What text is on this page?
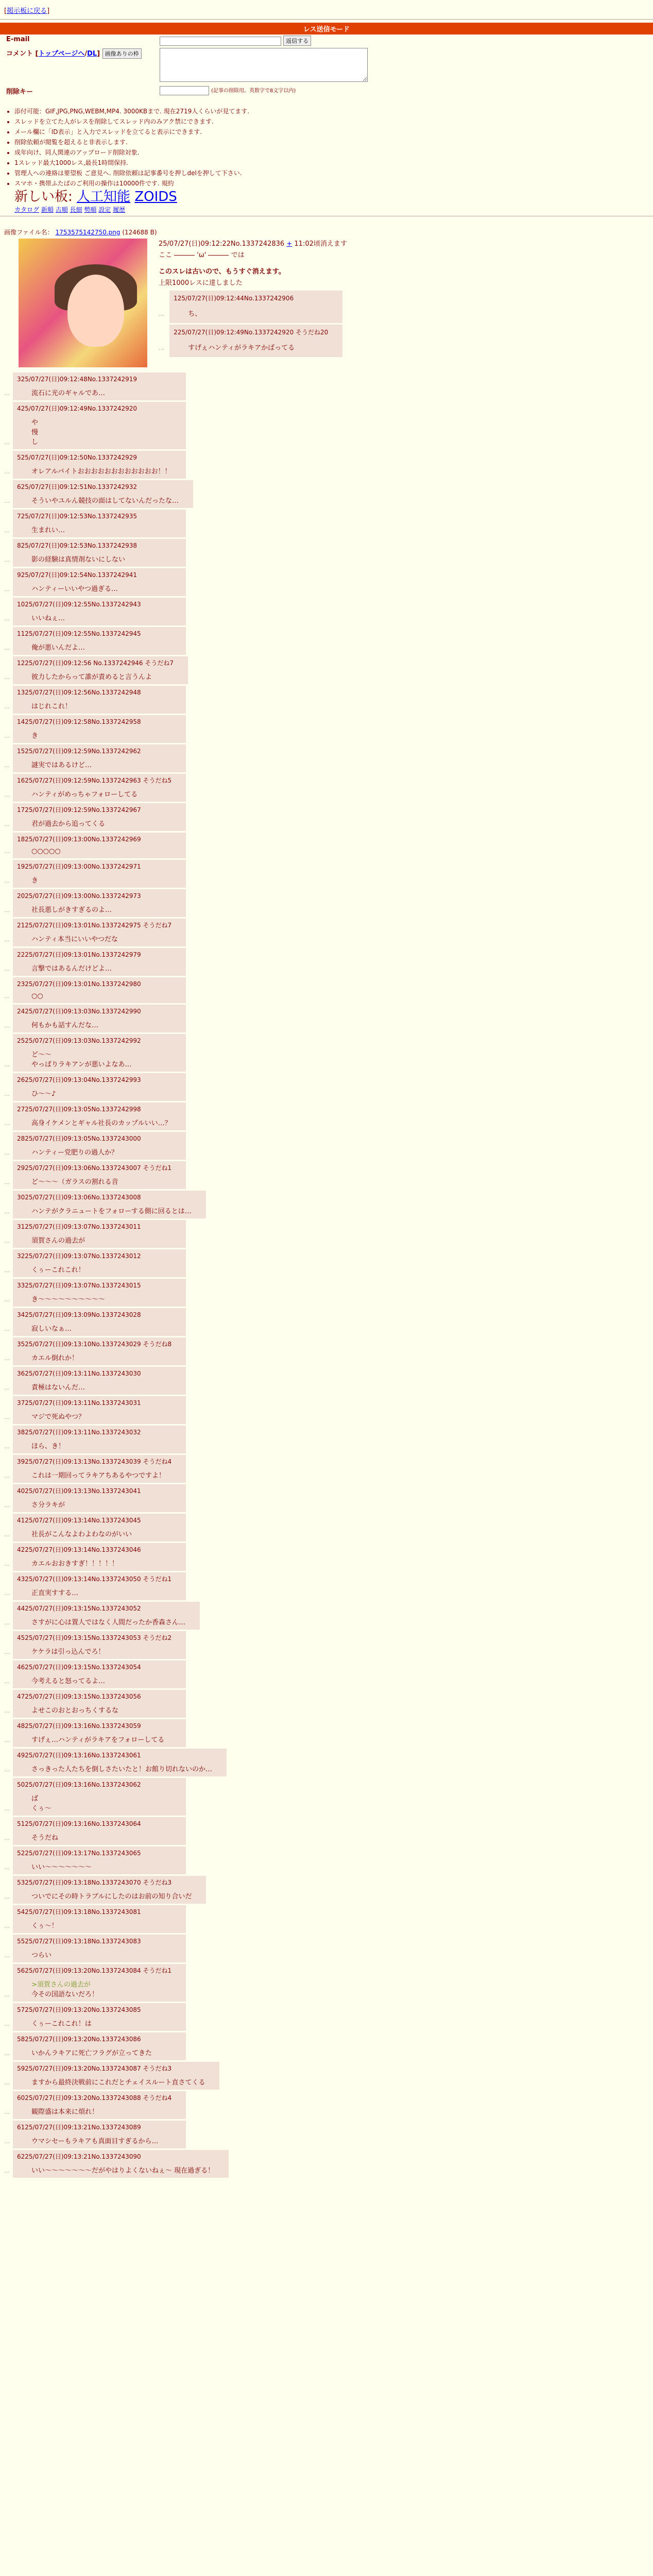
[掲示板に戻る]
レス送信モード
E-mail	返信する
コメント [トップページへ/DL] 画像ありの枠	
削除キー	(記事の削除用。英数字で8文字以内)
• 添付可能：GIF,JPG,PNG,WEBM,MP4. 3000KBまで. 現在2719人くらいが見てます.
• スレッドを立てた人がレスを削除してスレッド内のみアク禁にできます.
• メール欄に「ID表示」と入力でスレッドを立てると表示にできます.
• 削除依頼が閲覧を超えると非表示します.
• 成年向け、同人関連のアップロード削除対象.
• 1スレッド最大1000レス,最長1時間保持.
• 管理人への連絡は要望板 ご意見へ. 削除依頼は記事番号を押しdelを押して下さい.
• スマホ・携帯ふたばのご利用の操作は10000件です. 規約
新しい板: 人工知能 ZOIDS
カタログ 新順 古順 長細 勢順 設定 履歴
画像ファイル名： 1753575142750.png (124688 B)
25/07/27(日)09:12:22No.1337242836 + 11:02頃消えます
ここ	'ω'	では
このスレは古いので、もうすぐ消えます。
上限1000レスに達しました
… 125/07/27(日)09:12:44No.1337242906
ち、
… 225/07/27(日)09:12:49No.1337242920 そうだね20
すげぇハンティがラキアかばってる
…325/07/27(日)09:12:48No.1337242919
流石に光のギャルであ…
…425/07/27(日)09:12:49No.1337242920
や
慢
し
…525/07/27(日)09:12:50No.1337242929
オレアルバイトおおおおおおおおおおおお！！
…625/07/27(日)09:12:51No.1337242932
そういやユルん競技の面はしてないんだったな…
…725/07/27(日)09:12:53No.1337242935
生まれい…
…825/07/27(日)09:12:53No.1337242938
影の経験は真情剤ないにしない
…925/07/27(日)09:12:54No.1337242941
ハンティーいいやつ過ぎる…
…1025/07/27(日)09:12:55No.1337242943
いいねぇ…
…1125/07/27(日)09:12:55No.1337242945
俺が悪いんだよ…
…1225/07/27(日)09:12:56 No.1337242946 そうだね7
彼力したからって誰が責めると言うんよ
…1325/07/27(日)09:12:56No.1337242948
はじれこれ！
…1425/07/27(日)09:12:58No.1337242958
き
…1525/07/27(日)09:12:59No.1337242962
謎実ではあるけど…
…1625/07/27(日)09:12:59No.1337242963 そうだね5
ハンティがめっちゃフォローしてる
…1725/07/27(日)09:12:59No.1337242967
君が過去から追ってくる
…1825/07/27(日)09:13:00No.1337242969
○○○○○
…1925/07/27(日)09:13:00No.1337242971
き
…2025/07/27(日)09:13:00No.1337242973
社長悪しがきすぎるのよ…
…2125/07/27(日)09:13:01No.1337242975 そうだね7
ハンティ本当にいいやつだな
…2225/07/27(日)09:13:01No.1337242979
言撃ではあるんだけどよ…
…2325/07/27(日)09:13:01No.1337242980
○○
…2425/07/27(日)09:13:03No.1337242990
何もかも話すんだな…
…2525/07/27(日)09:13:03No.1337242992
ど〜〜
やっぱりラキアンが悪いよなあ…
…2625/07/27(日)09:13:04No.1337242993
ひ〜〜♪
…2725/07/27(日)09:13:05No.1337242998
高身イケメンとギャル社長のカップルいい…？
…2825/07/27(日)09:13:05No.1337243000
ハンティー党肥りの過人か？
…2925/07/27(日)09:13:06No.1337243007 そうだね1
ど〜〜〜（ガラスの割れる音
…3025/07/27(日)09:13:06No.1337243008
ハンテがクラニュートをフォローする側に回るとは…
…3125/07/27(日)09:13:07No.1337243011
須賀さんの過去が
…3225/07/27(日)09:13:07No.1337243012
くぅーこれこれ！
…3325/07/27(日)09:13:07No.1337243015
き〜〜〜〜〜〜〜〜〜〜
…3425/07/27(日)09:13:09No.1337243028
寂しいなぁ…
…3525/07/27(日)09:13:10No.1337243029 そうだね8
カエル倒れか！
…3625/07/27(日)09:13:11No.1337243030
責極はないんだ…
…3725/07/27(日)09:13:11No.1337243031
マジで死ぬやつ？
…3825/07/27(日)09:13:11No.1337243032
ほら、き！
…3925/07/27(日)09:13:13No.1337243039 そうだね4
これは一期回ってラキアちあるやつですよ！
…4025/07/27(日)09:13:13No.1337243041
さ分ラキが
…4125/07/27(日)09:13:14No.1337243045
社長がこんなよわよわなのがいい
…4225/07/27(日)09:13:14No.1337243046
カエルおおきすぎ！！！！！
…4325/07/27(日)09:13:14No.1337243050 そうだね1
正直実すする…
…4425/07/27(日)09:13:15No.1337243052
さすがに心は置人ではなく人間だったか香森さん…
…4525/07/27(日)09:13:15No.1337243053 そうだね2
ケケラは引っ込んでろ！
…4625/07/27(日)09:13:15No.1337243054
今考えると怒ってるよ…
…4725/07/27(日)09:13:15No.1337243056
よせこのおとおっちくするな
…4825/07/27(日)09:13:16No.1337243059
すげぇ…ハンティがラキアをフォローしてる
…4925/07/27(日)09:13:16No.1337243061
さっきった人たちを倒しさたいたと！お館り切れないのか…
…5025/07/27(日)09:13:16No.1337243062
ば
くぅ〜
…5125/07/27(日)09:13:16No.1337243064
そうだね
…5225/07/27(日)09:13:17No.1337243065
いい〜〜〜〜〜〜〜
…5325/07/27(日)09:13:18No.1337243070 そうだね3
ついでにその時トラブルにしたのはお前の知り合いだ
…5425/07/27(日)09:13:18No.1337243081
くぅ〜！
…5525/07/27(日)09:13:18No.1337243083
つらい
…5625/07/27(日)09:13:20No.1337243084 そうだね1
>須賀さんの過去が
今その国語ないだろ！
…5725/07/27(日)09:13:20No.1337243085
くぅーこれこれ！は
…5825/07/27(日)09:13:20No.1337243086
いかんラキアに死亡フラグが立ってきた
…5925/07/27(日)09:13:20No.1337243087 そうだね3
ますから最終決戦前にこれだとチェイスルート直さてくる
…6025/07/27(日)09:13:20No.1337243088 そうだね4
観際盛は本来に煩れ！
…6125/07/27(日)09:13:21No.1337243089
ウマシセーもラキアも真面目すぎるから…
…6225/07/27(日)09:13:21No.1337243090
いい〜〜〜〜〜〜〜だがやはりよくないねぇ〜 現在過ぎる！
